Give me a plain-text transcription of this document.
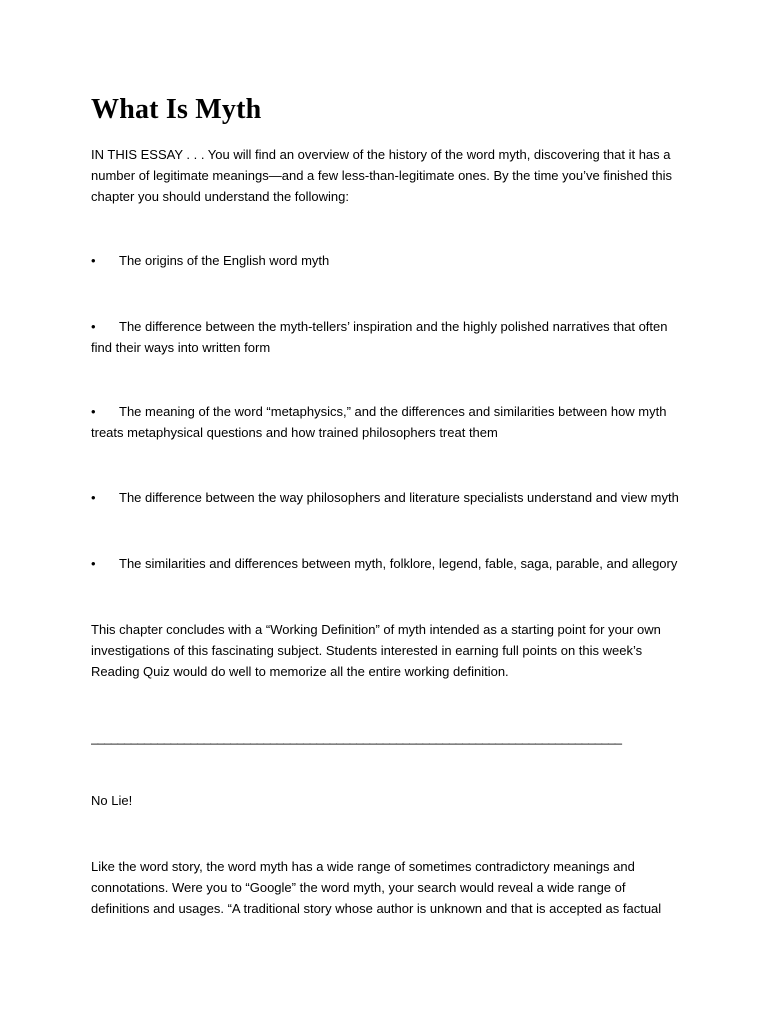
What Is Myth

IN THIS ESSAY . . . You will find an overview of the history of the word myth, discovering that it has a number of legitimate meanings—and a few less-than-legitimate ones. By the time you’ve finished this chapter you should understand the following:

• The origins of the English word myth

• The difference between the myth-tellers’ inspiration and the highly polished narratives that often find their ways into written form

• The meaning of the word “metaphysics,” and the differences and similarities between how myth treats metaphysical questions and how trained philosophers treat them

• The difference between the way philosophers and literature specialists understand and view myth

• The similarities and differences between myth, folklore, legend, fable, saga, parable, and allegory

This chapter concludes with a “Working Definition” of myth intended as a starting point for your own investigations of this fascinating subject. Students interested in earning full points on this week’s Reading Quiz would do well to memorize all the entire working definition.

________________________________________________________________________________

No Lie!

Like the word story, the word myth has a wide range of sometimes contradictory meanings and connotations. Were you to “Google” the word myth, your search would reveal a wide range of definitions and usages. “A traditional story whose author is unknown and that is accepted as factual
